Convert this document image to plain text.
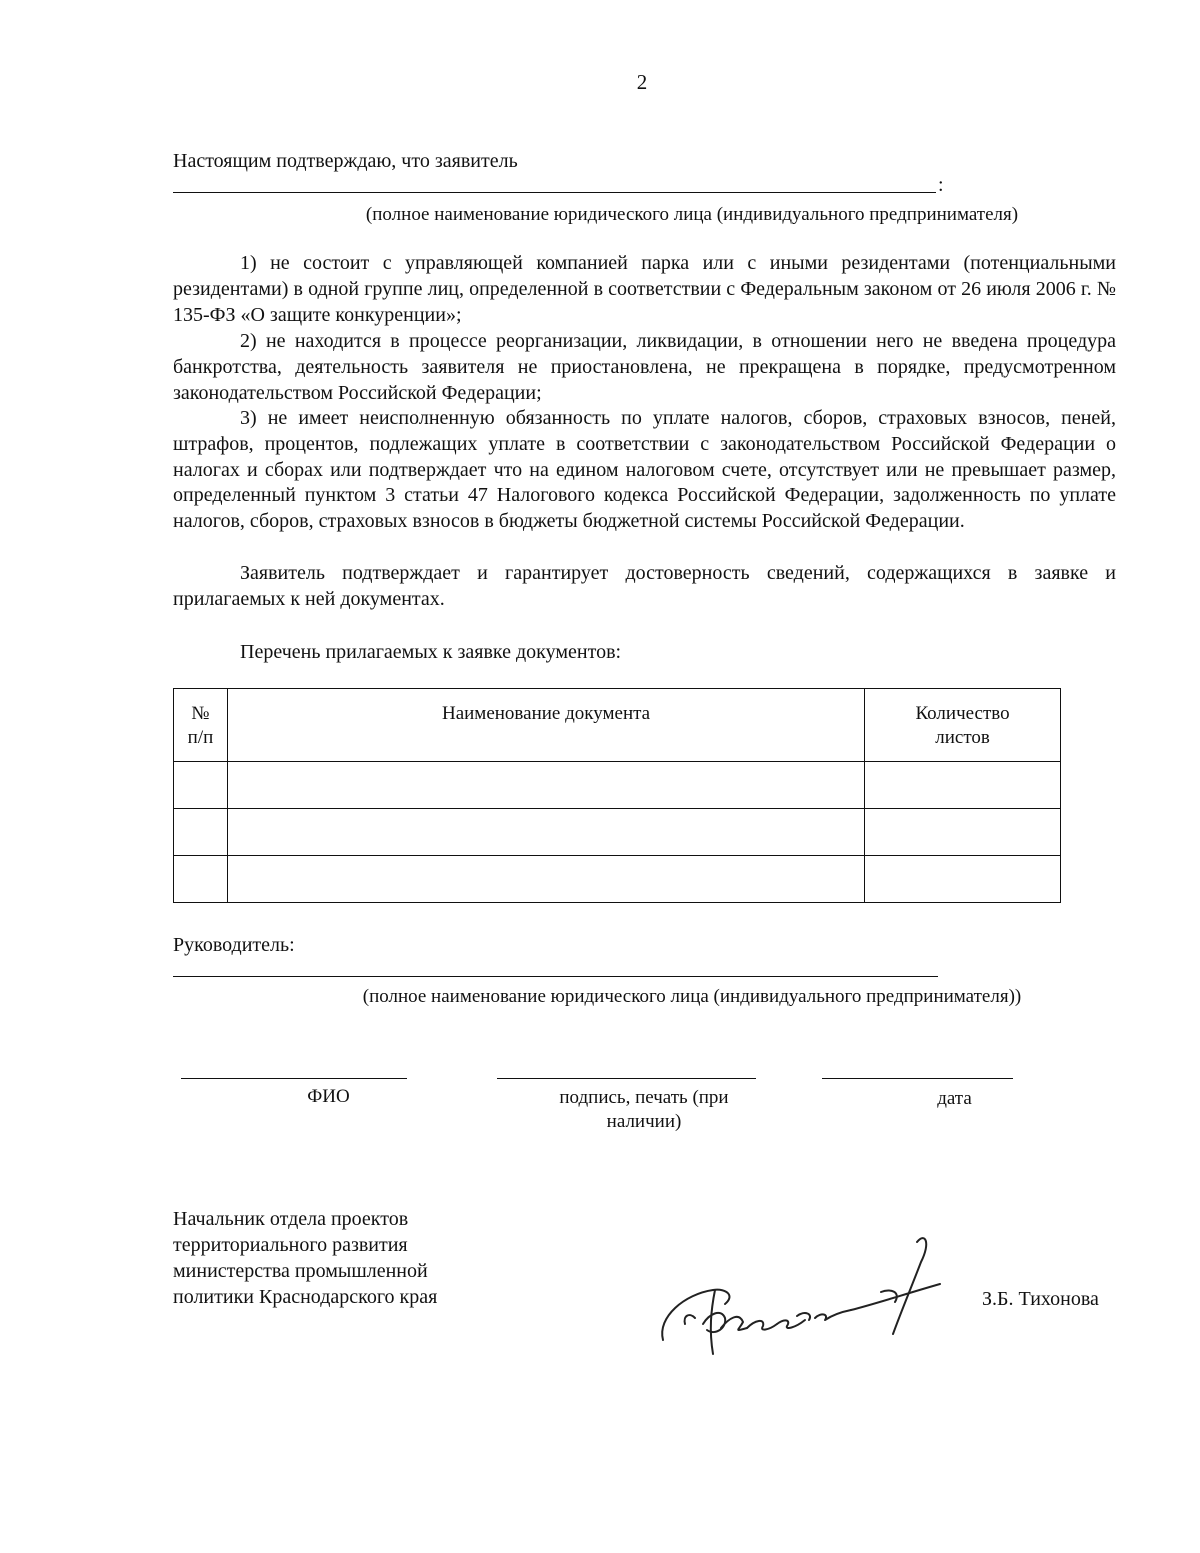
2
Настоящим подтверждаю, что заявитель
:
(полное наименование юридического лица (индивидуального предпринимателя)
1) не состоит с управляющей компанией парка или с иными резидентами (потенциальными резидентами) в одной группе лиц, определенной в соответствии с Федеральным законом от 26 июля 2006 г. № 135-ФЗ «О защите конкуренции»;
2) не находится в процессе реорганизации, ликвидации, в отношении него не введена процедура банкротства, деятельность заявителя не приостановлена, не прекращена в порядке, предусмотренном законодательством Российской Федерации;
3) не имеет неисполненную обязанность по уплате налогов, сборов, страховых взносов, пеней, штрафов, процентов, подлежащих уплате в соответствии с законодательством Российской Федерации о налогах и сборах или подтверждает что на едином налоговом счете, отсутствует или не превышает размер, определенный пунктом 3 статьи 47 Налогового кодекса Российской Федерации, задолженность по уплате налогов, сборов, страховых взносов в бюджеты бюджетной системы Российской Федерации.
Заявитель подтверждает и гарантирует достоверность сведений, содержащихся в заявке и прилагаемых к ней документах.
Перечень прилагаемых к заявке документов:
№ п/п	Наименование документа	Количество листов

Руководитель:
(полное наименование юридического лица (индивидуального предпринимателя))
ФИО	подпись, печать (при наличии)
дата
Начальник отдела проектов
территориального развития
министерства промышленной
политики Краснодарского края	З.Б. Тихонова
